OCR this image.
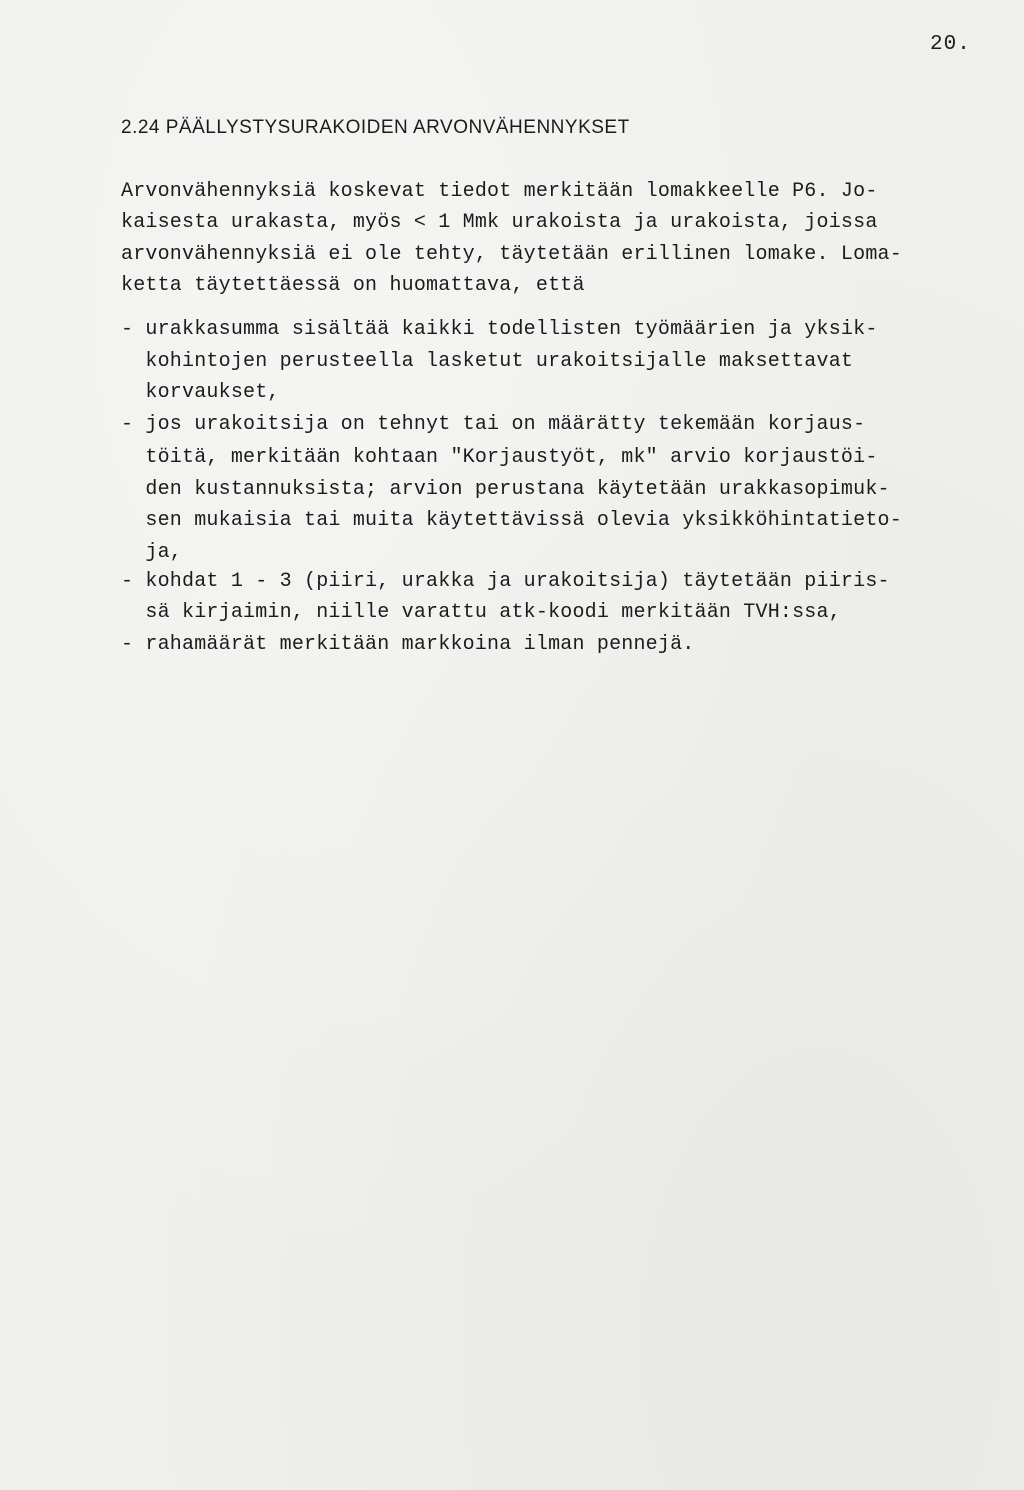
20.
2.24 PÄÄLLYSTYSURAKOIDEN ARVONVÄHENNYKSET
Arvonvähennyksiä koskevat tiedot merkitään lomakkeelle P6. Jo-
kaisesta urakasta, myös < 1 Mmk urakoista ja urakoista, joissa
arvonvähennyksiä ei ole tehty, täytetään erillinen lomake. Loma-
ketta täytettäessä on huomattava, että
- urakkasumma sisältää kaikki todellisten työmäärien ja yksik-
kohintojen perusteella lasketut urakoitsijalle maksettavat
korvaukset,
- jos urakoitsija on tehnyt tai on määrätty tekemään korjaus-
töitä, merkitään kohtaan "Korjaustyöt, mk" arvio korjaustöi-
den kustannuksista; arvion perustana käytetään urakkasopimuk-
sen mukaisia tai muita käytettävissä olevia yksikköhintatieto-
ja,
- kohdat 1 - 3 (piiri, urakka ja urakoitsija) täytetään piiris-
sä kirjaimin, niille varattu atk-koodi merkitään TVH:ssa,
- rahamäärät merkitään markkoina ilman pennejä.
